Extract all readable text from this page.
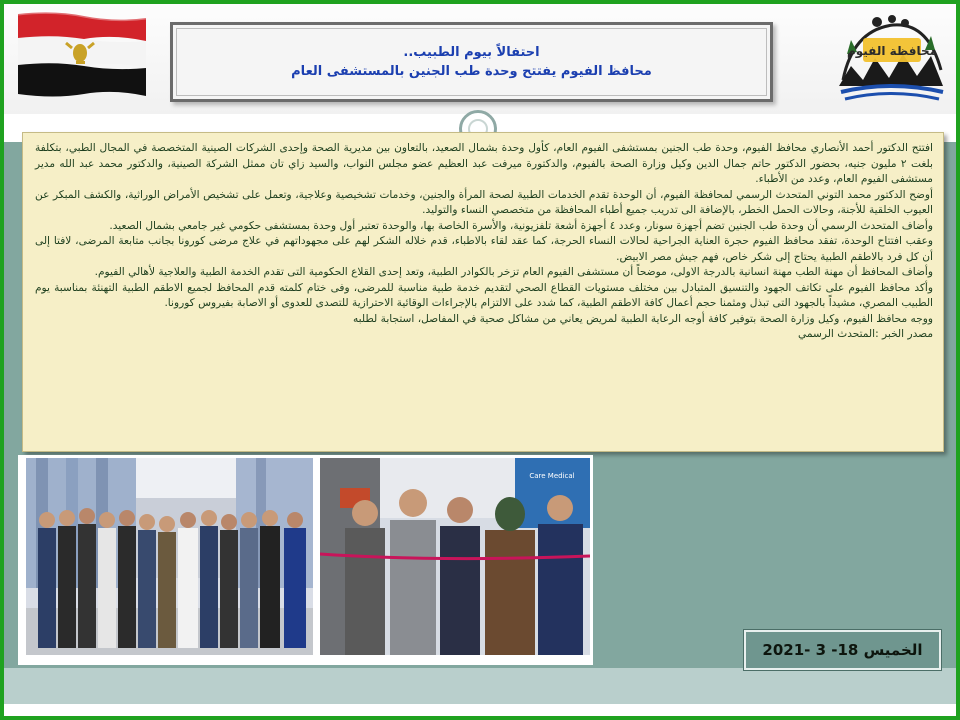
محافظة الفيوم
احتفالاً بيوم الطبيب..
محافظ الفيوم يفتتح وحدة طب الجنين بالمستشفى العام

افتتح الدكتور أحمد الأنصاري محافظ الفيوم، وحدة طب الجنين بمستشفى الفيوم العام، كأول وحدة بشمال الصعيد، بالتعاون بين مديرية الصحة وإحدى الشركات الصينية المتخصصة في المجال الطبي، بتكلفة بلغت ٢ مليون جنيه، بحضور الدكتور حاتم جمال الدين وكيل وزارة الصحة بالفيوم، والدكتورة ميرفت عبد العظيم عضو مجلس النواب، والسيد زاي تان ممثل الشركة الصينية، والدكتور محمد عبد الله مدير مستشفى الفيوم العام، وعدد من الأطباء.

أوضح الدكتور محمد التوني المتحدث الرسمي لمحافظة الفيوم، أن الوحدة تقدم الخدمات الطبية لصحة المرأة والجنين، وخدمات تشخيصية وعلاجية، وتعمل على تشخيص الأمراض الوراثية، والكشف المبكر عن العيوب الخلقية للأجنة، وحالات الحمل الخطر، بالإضافة الى تدريب جميع أطباء المحافظة من متخصصي النساء والتوليد.

وأضاف المتحدث الرسمي أن وحدة طب الجنين تضم أجهزة سونار، وعدد ٤ أجهزة أشعة تلفزيونية، والأسرة الخاصة بها، والوحدة تعتبر أول وحدة بمستشفى حكومي غير جامعي بشمال الصعيد.

وعقب افتتاح الوحدة، تفقد محافظ الفيوم حجرة العناية الجراحية لحالات النساء الحرجة، كما عقد لقاء بالاطباء، قدم خلاله الشكر لهم على مجهوداتهم في علاج مرضى كورونا بجانب متابعة المرضى، لافتا إلى أن كل فرد بالاطقم الطبية يحتاج إلى شكر خاص، فهم جيش مصر الابيض.

وأضاف المحافظ أن مهنة الطب مهنة انسانية بالدرجة الاولى، موضحاً أن مستشفى الفيوم العام تزخر بالكوادر الطبية، وتعد إحدى القلاع الحكومية التى تقدم الخدمة الطبية والعلاجية لأهالي الفيوم.

وأكد محافظ الفيوم على تكاتف الجهود والتنسيق المتبادل بين مختلف مستويات القطاع الصحي لتقديم خدمة طبية مناسبة للمرضى، وفى ختام كلمته قدم المحافظ لجميع الاطقم الطبية التهنئة بمناسبة يوم الطبيب المصري، مشيداً بالجهود التى تبذل ومثمنا حجم أعمال كافة الاطقم الطبية، كما شدد على الالتزام بالإجراءات الوقائية الاحترازية للتصدى للعدوى أو الاصابة بفيروس كورونا.

ووجه محافظ الفيوم، وكيل وزارة الصحة بتوفير كافة أوجه الرعاية الطبية لمريض يعاني من مشاكل صحية في المفاصل، استجابة لطلبه

مصدر الخبر :المتحدث الرسمي

Care Medical
الخميس 18- 3 -2021
